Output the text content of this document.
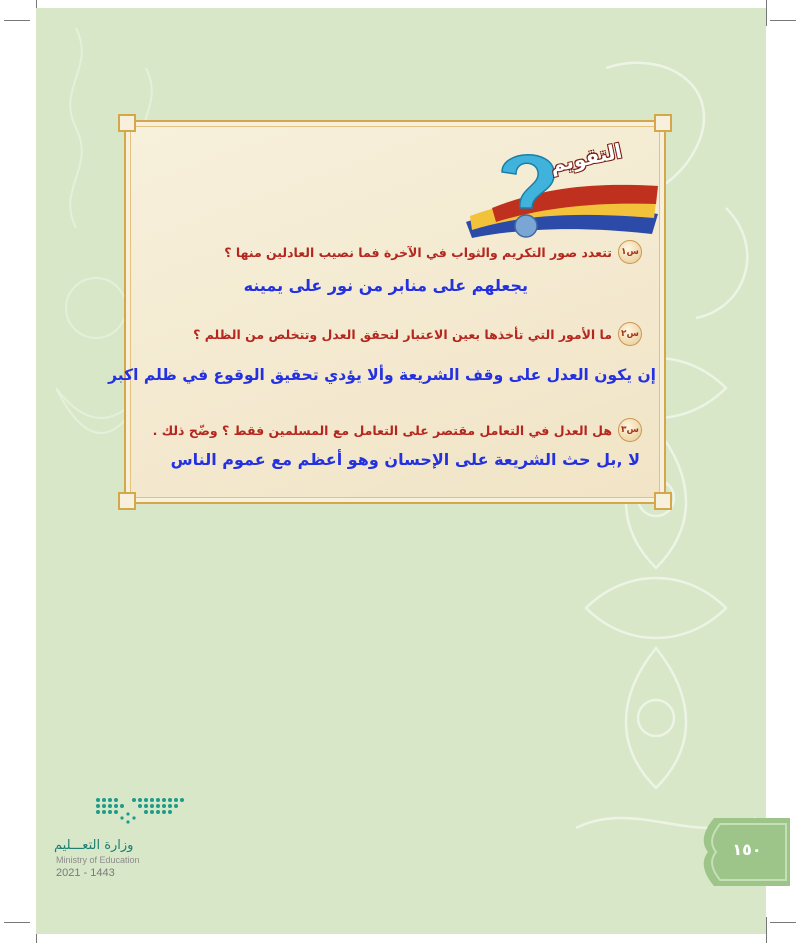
التقويم
س١
تتعدد صور التكريم والثواب في الآخرة فما نصيب العادلين منها ؟
يجعلهم على منابر من نور على يمينه
س٢
ما الأمور التي تأخذها بعين الاعتبار لتحقق العدل وتتخلص من الظلم ؟
إن يكون العدل على وقف الشريعة وألا يؤدي تحقيق الوقوع في ظلم اكبر
س٣
هل العدل في التعامل مقتصر على التعامل مع المسلمين فقط ؟ وضّح ذلك .
لا ,بل حث الشريعة على الإحسان وهو أعظم مع عموم الناس
وزارة التعـــليم
Ministry of Education
2021 - 1443
١٥٠
